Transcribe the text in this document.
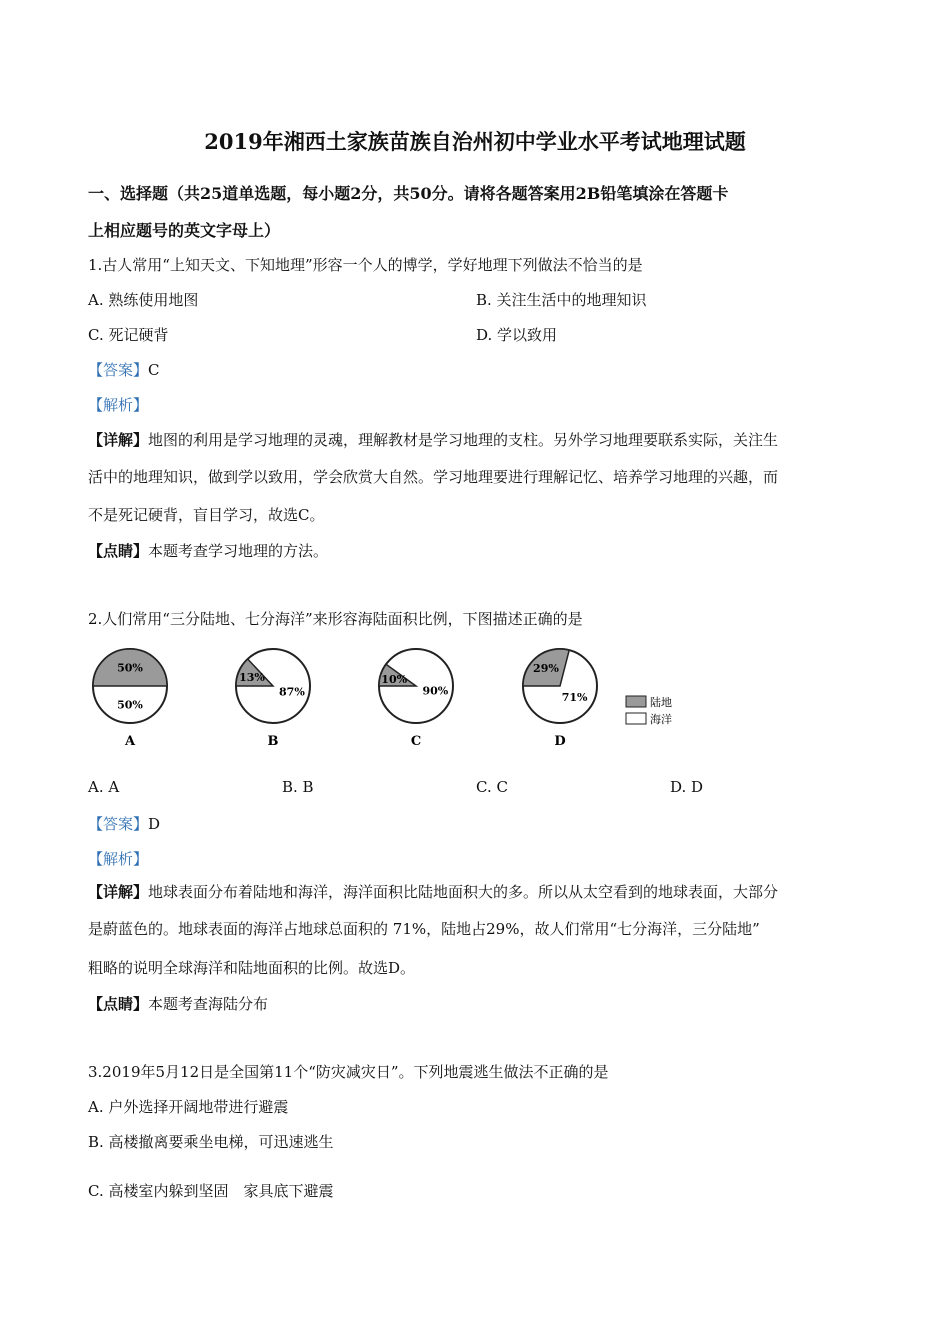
2019年湘西土家族苗族自治州初中学业水平考试地理试题
一、选择题（共25道单选题，每小题2分，共50分。请将各题答案用2B铅笔填涂在答题卡
上相应题号的英文字母上）
1.古人常用“上知天文、下知地理”形容一个人的博学，学好地理下列做法不恰当的是
A. 熟练使用地图	B. 关注生活中的地理知识
C. 死记硬背	D. 学以致用
【答案】C
【解析】
【详解】地图的利用是学习地理的灵魂，理解教材是学习地理的支柱。另外学习地理要联系实际，关注生
活中的地理知识，做到学以致用，学会欣赏大自然。学习地理要进行理解记忆、培养学习地理的兴趣，而
不是死记硬背，盲目学习，故选C。
【点睛】本题考查学习地理的方法。
2.人们常用“三分陆地、七分海洋”来形容海陆面积比例，下图描述正确的是
50%
50%
A
13%
87%
B
10%
90%
C
29%
71%
D
陆地
海洋
A. A	B. B	C. C	D. D
【答案】D
【解析】
【详解】地球表面分布着陆地和海洋，海洋面积比陆地面积大的多。所以从太空看到的地球表面，大部分
是蔚蓝色的。地球表面的海洋占地球总面积的 71%，陆地占29%，故人们常用“七分海洋，三分陆地”
粗略的说明全球海洋和陆地面积的比例。故选D。
【点睛】本题考查海陆分布
3.2019年5月12日是全国第11个“防灾减灾日”。下列地震逃生做法不正确的是
A. 户外选择开阔地带进行避震
B. 高楼撤离要乘坐电梯，可迅速逃生
C. 高楼室内躲到坚固　家具底下避震
